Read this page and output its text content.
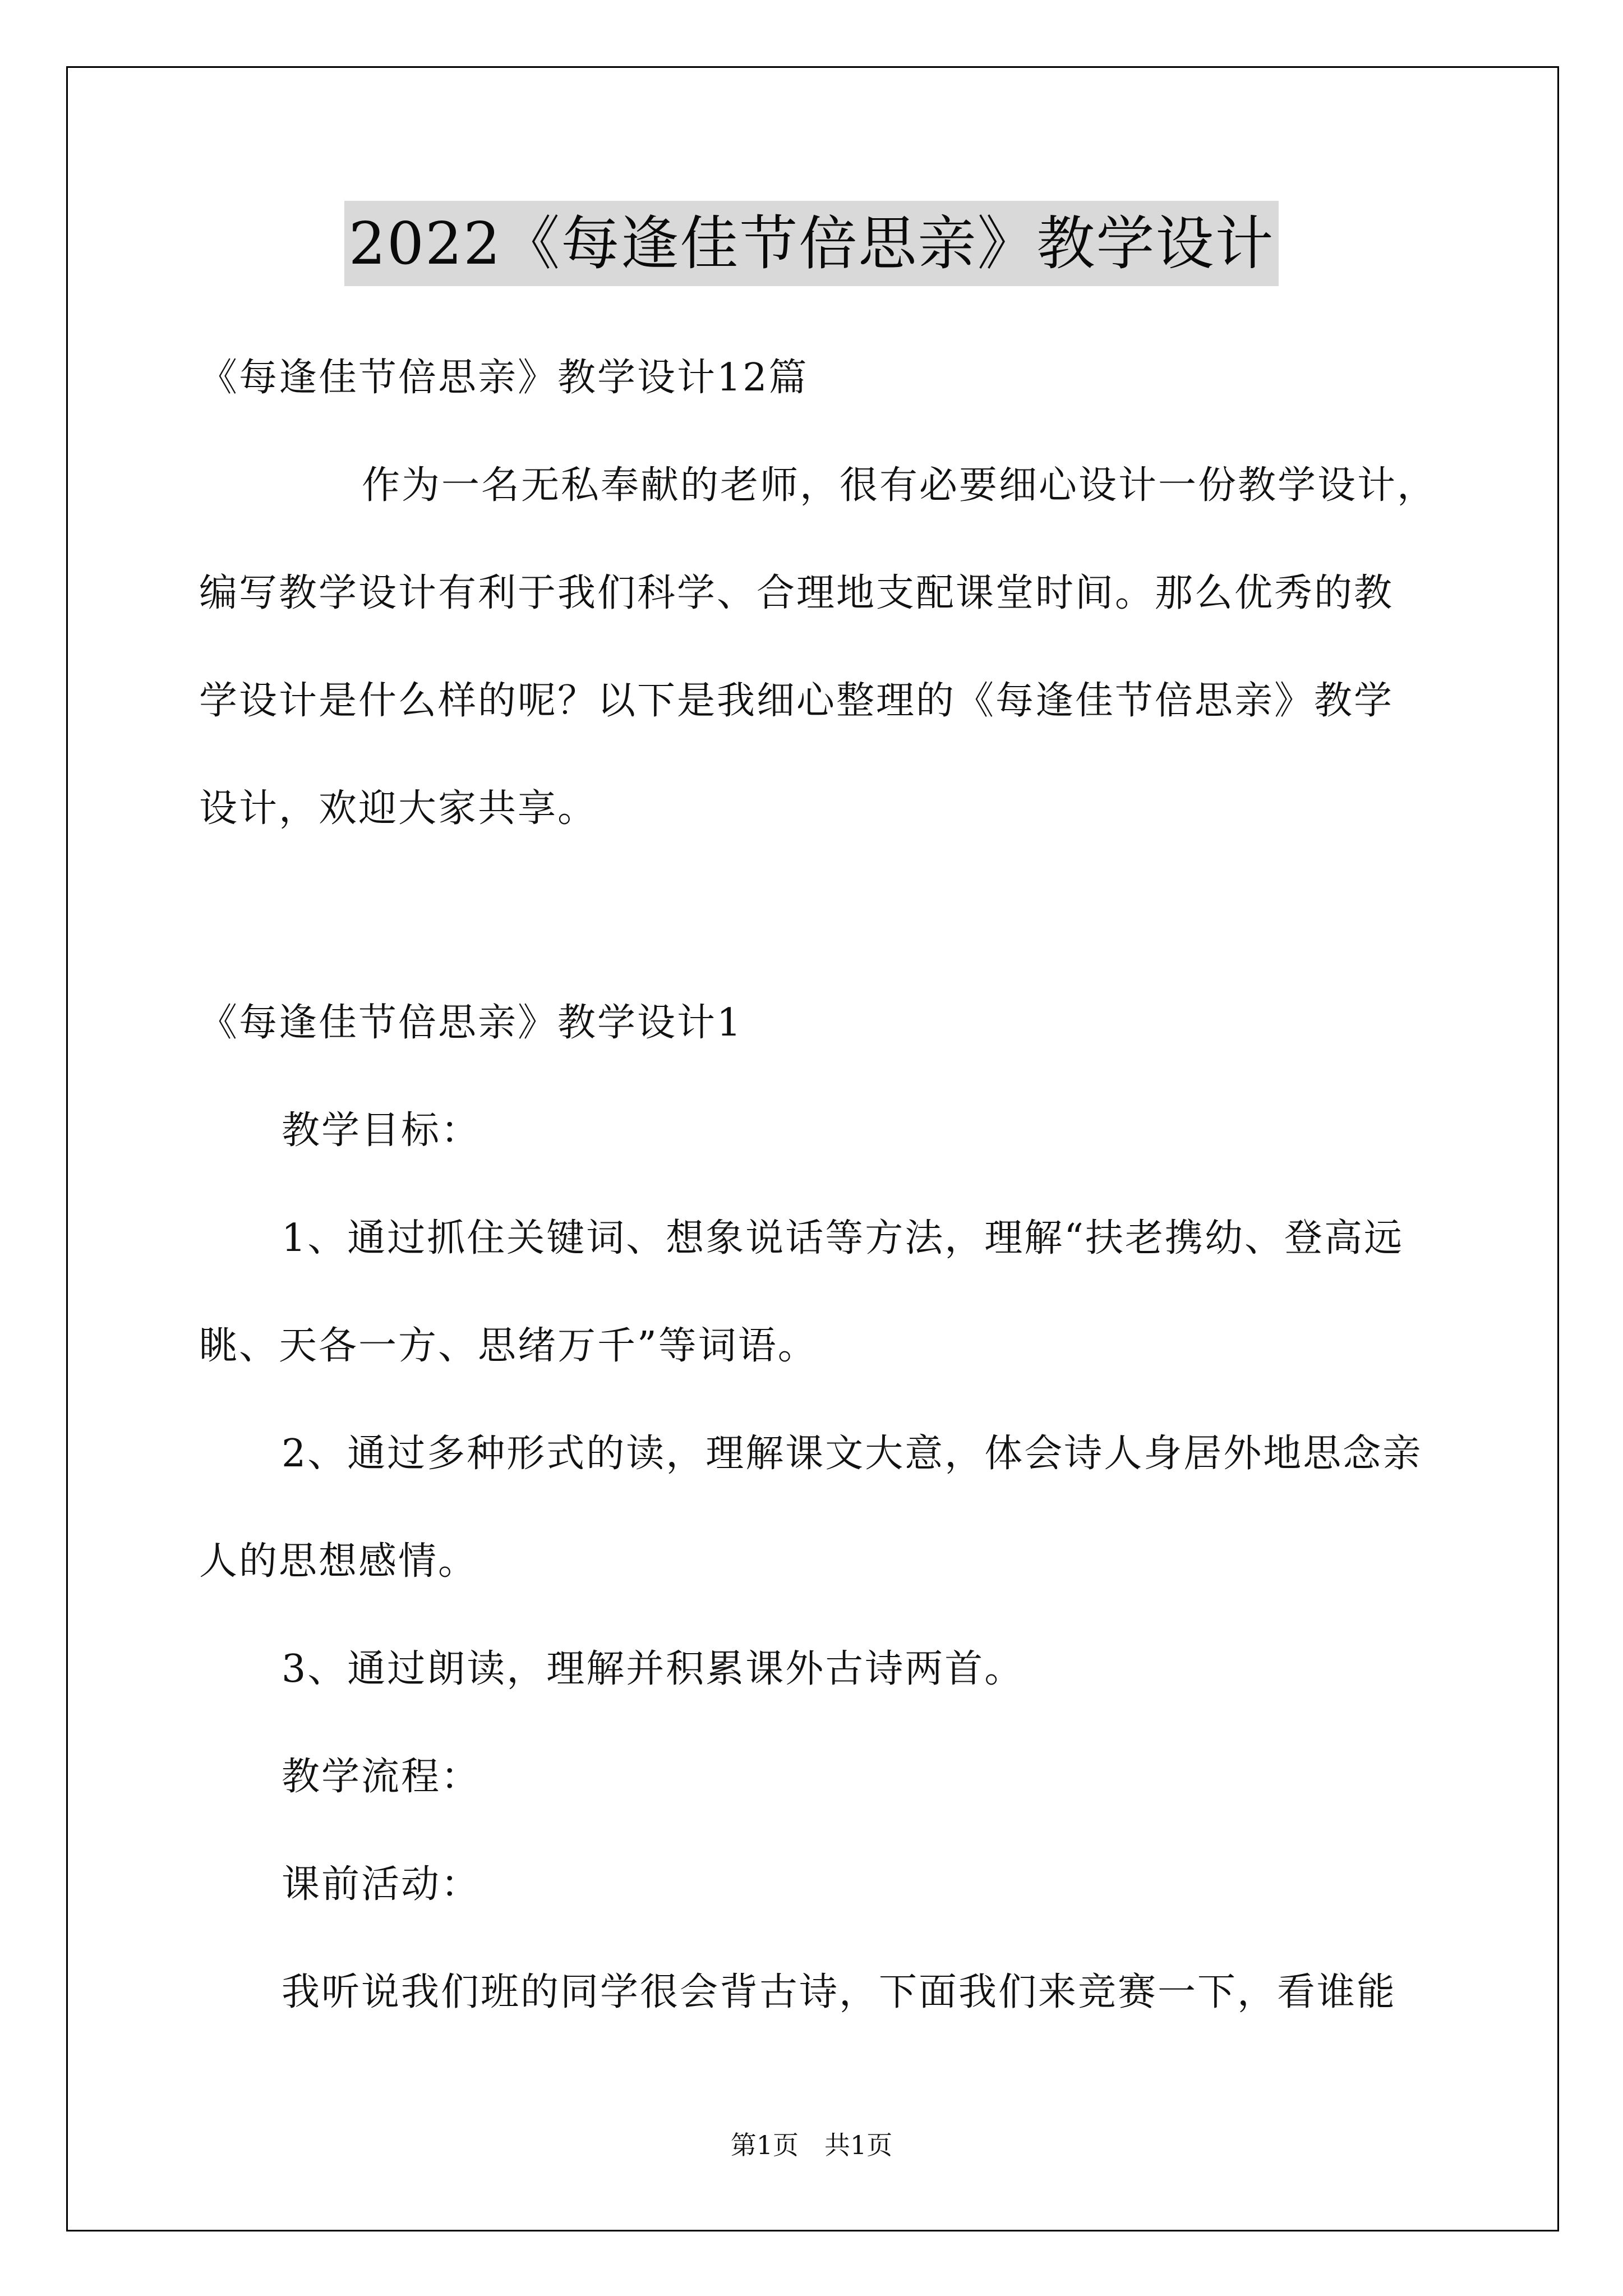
2022《每逢佳节倍思亲》教学设计
《每逢佳节倍思亲》教学设计12篇
作为一名无私奉献的老师，很有必要细心设计一份教学设计，
编写教学设计有利于我们科学、合理地支配课堂时间。那么优秀的教
学设计是什么样的呢？以下是我细心整理的《每逢佳节倍思亲》教学
设计，欢迎大家共享。
《每逢佳节倍思亲》教学设计1
教学目标：
1、通过抓住关键词、想象说话等方法，理解“扶老携幼、登高远
眺、天各一方、思绪万千”等词语。
2、通过多种形式的读，理解课文大意，体会诗人身居外地思念亲
人的思想感情。
3、通过朗读，理解并积累课外古诗两首。
教学流程：
课前活动：
我听说我们班的同学很会背古诗，下面我们来竞赛一下，看谁能
第1页　共1页
